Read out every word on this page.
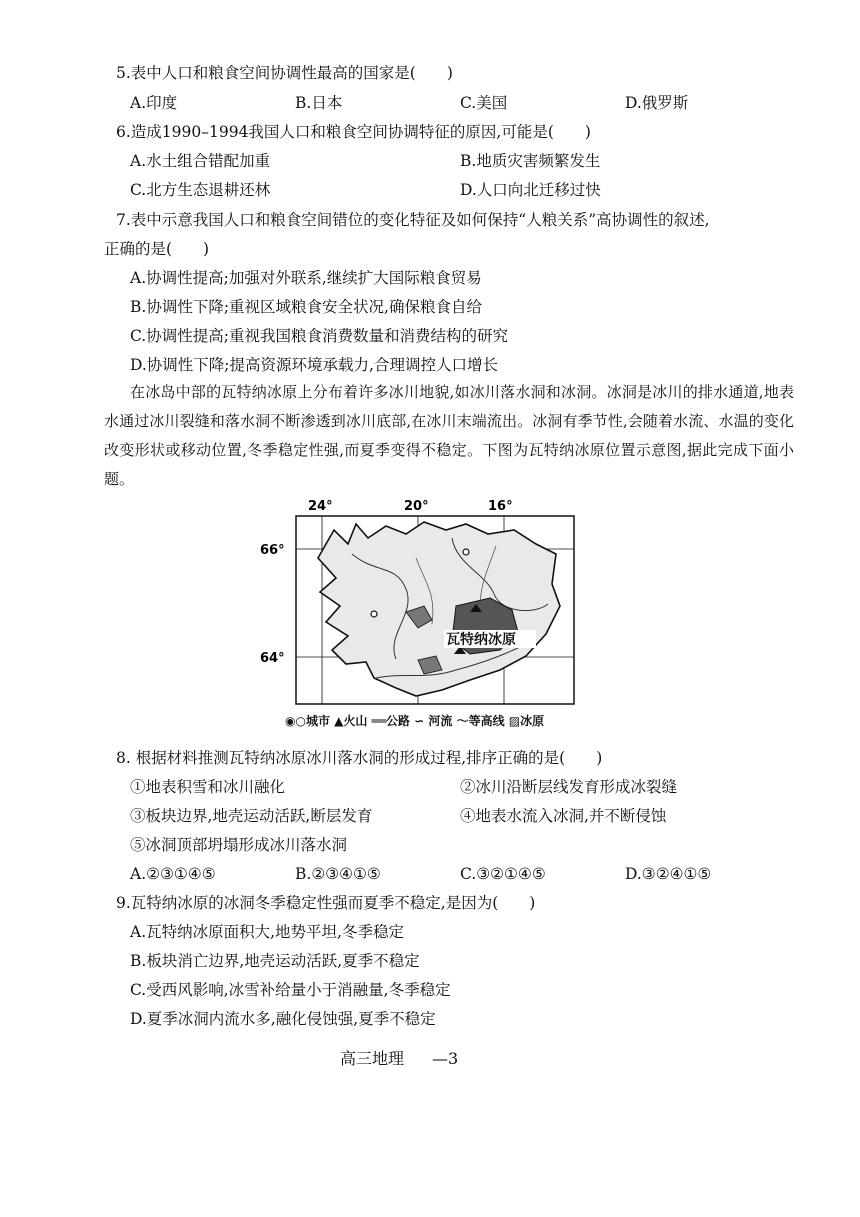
5.表中人口和粮食空间协调性最高的国家是(　　)
A.印度	B.日本	C.美国	D.俄罗斯
6.造成1990–1994我国人口和粮食空间协调特征的原因,可能是(　　)
A.水土组合错配加重	B.地质灾害频繁发生
C.北方生态退耕还林	D.人口向北迁移过快
7.表中示意我国人口和粮食空间错位的变化特征及如何保持“人粮关系”高协调性的叙述,
正确的是(　　)
A.协调性提高;加强对外联系,继续扩大国际粮食贸易
B.协调性下降;重视区域粮食安全状况,确保粮食自给
C.协调性提高;重视我国粮食消费数量和消费结构的研究
D.协调性下降;提高资源环境承载力,合理调控人口增长
在冰岛中部的瓦特纳冰原上分布着许多冰川地貌,如冰川落水洞和冰洞。冰洞是冰川的排水通道,地表水通过冰川裂缝和落水洞不断渗透到冰川底部,在冰川末端流出。冰洞有季节性,会随着水流、水温的变化改变形状或移动位置,冬季稳定性强,而夏季变得不稳定。下图为瓦特纳冰原位置示意图,据此完成下面小题。
24°	20°	16°
66°
64°
瓦特纳冰原
◉○城市 ▲火山 ══公路 ∽ 河流 ～等高线 ▨冰原
8. 根据材料推测瓦特纳冰原冰川落水洞的形成过程,排序正确的是(　　)
①地表积雪和冰川融化	②冰川沿断层线发育形成冰裂缝
③板块边界,地壳运动活跃,断层发育	④地表水流入冰洞,并不断侵蚀
⑤冰洞顶部坍塌形成冰川落水洞
A.②③①④⑤	B.②③④①⑤	C.③②①④⑤	D.③②④①⑤
9.瓦特纳冰原的冰洞冬季稳定性强而夏季不稳定,是因为(　　)
A.瓦特纳冰原面积大,地势平坦,冬季稳定
B.板块消亡边界,地壳运动活跃,夏季不稳定
C.受西风影响,冰雪补给量小于消融量,冬季稳定
D.夏季冰洞内流水多,融化侵蚀强,夏季不稳定
高三地理 —3
